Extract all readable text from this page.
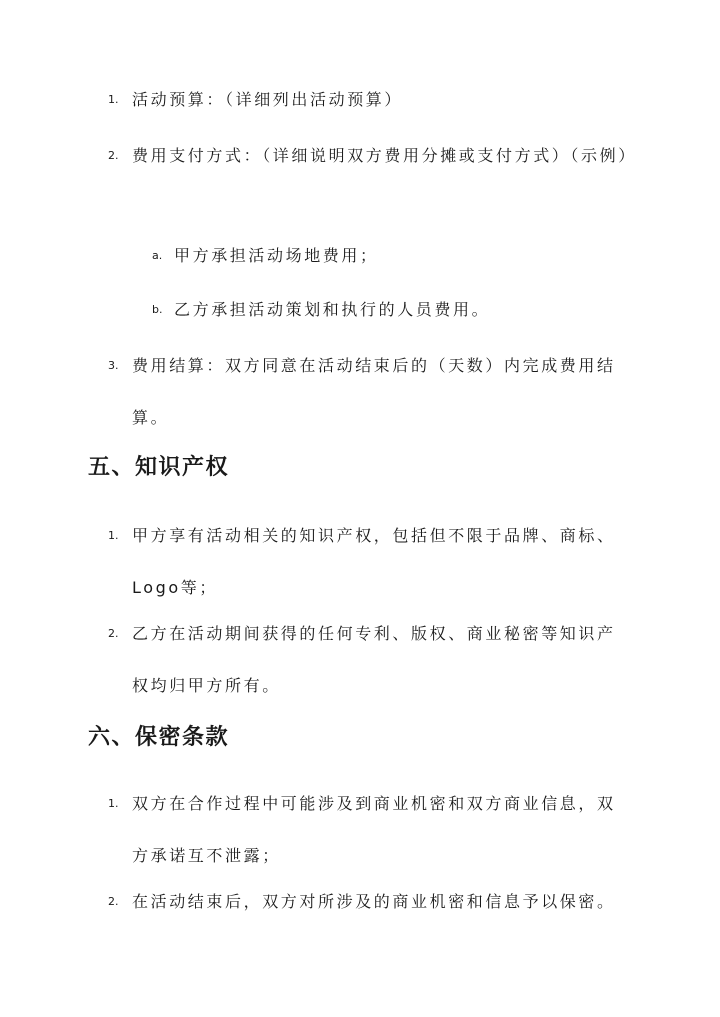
1. 活动预算：（详细列出活动预算）
2. 费用支付方式：（详细说明双方费用分摊或支付方式）（示例）
a. 甲方承担活动场地费用；
b. 乙方承担活动策划和执行的人员费用。
3. 费用结算：双方同意在活动结束后的（天数）内完成费用结算。
五、知识产权
1. 甲方享有活动相关的知识产权，包括但不限于品牌、商标、Logo等；
2. 乙方在活动期间获得的任何专利、版权、商业秘密等知识产权均归甲方所有。
六、保密条款
1. 双方在合作过程中可能涉及到商业机密和双方商业信息，双方承诺互不泄露；
2. 在活动结束后，双方对所涉及的商业机密和信息予以保密。
